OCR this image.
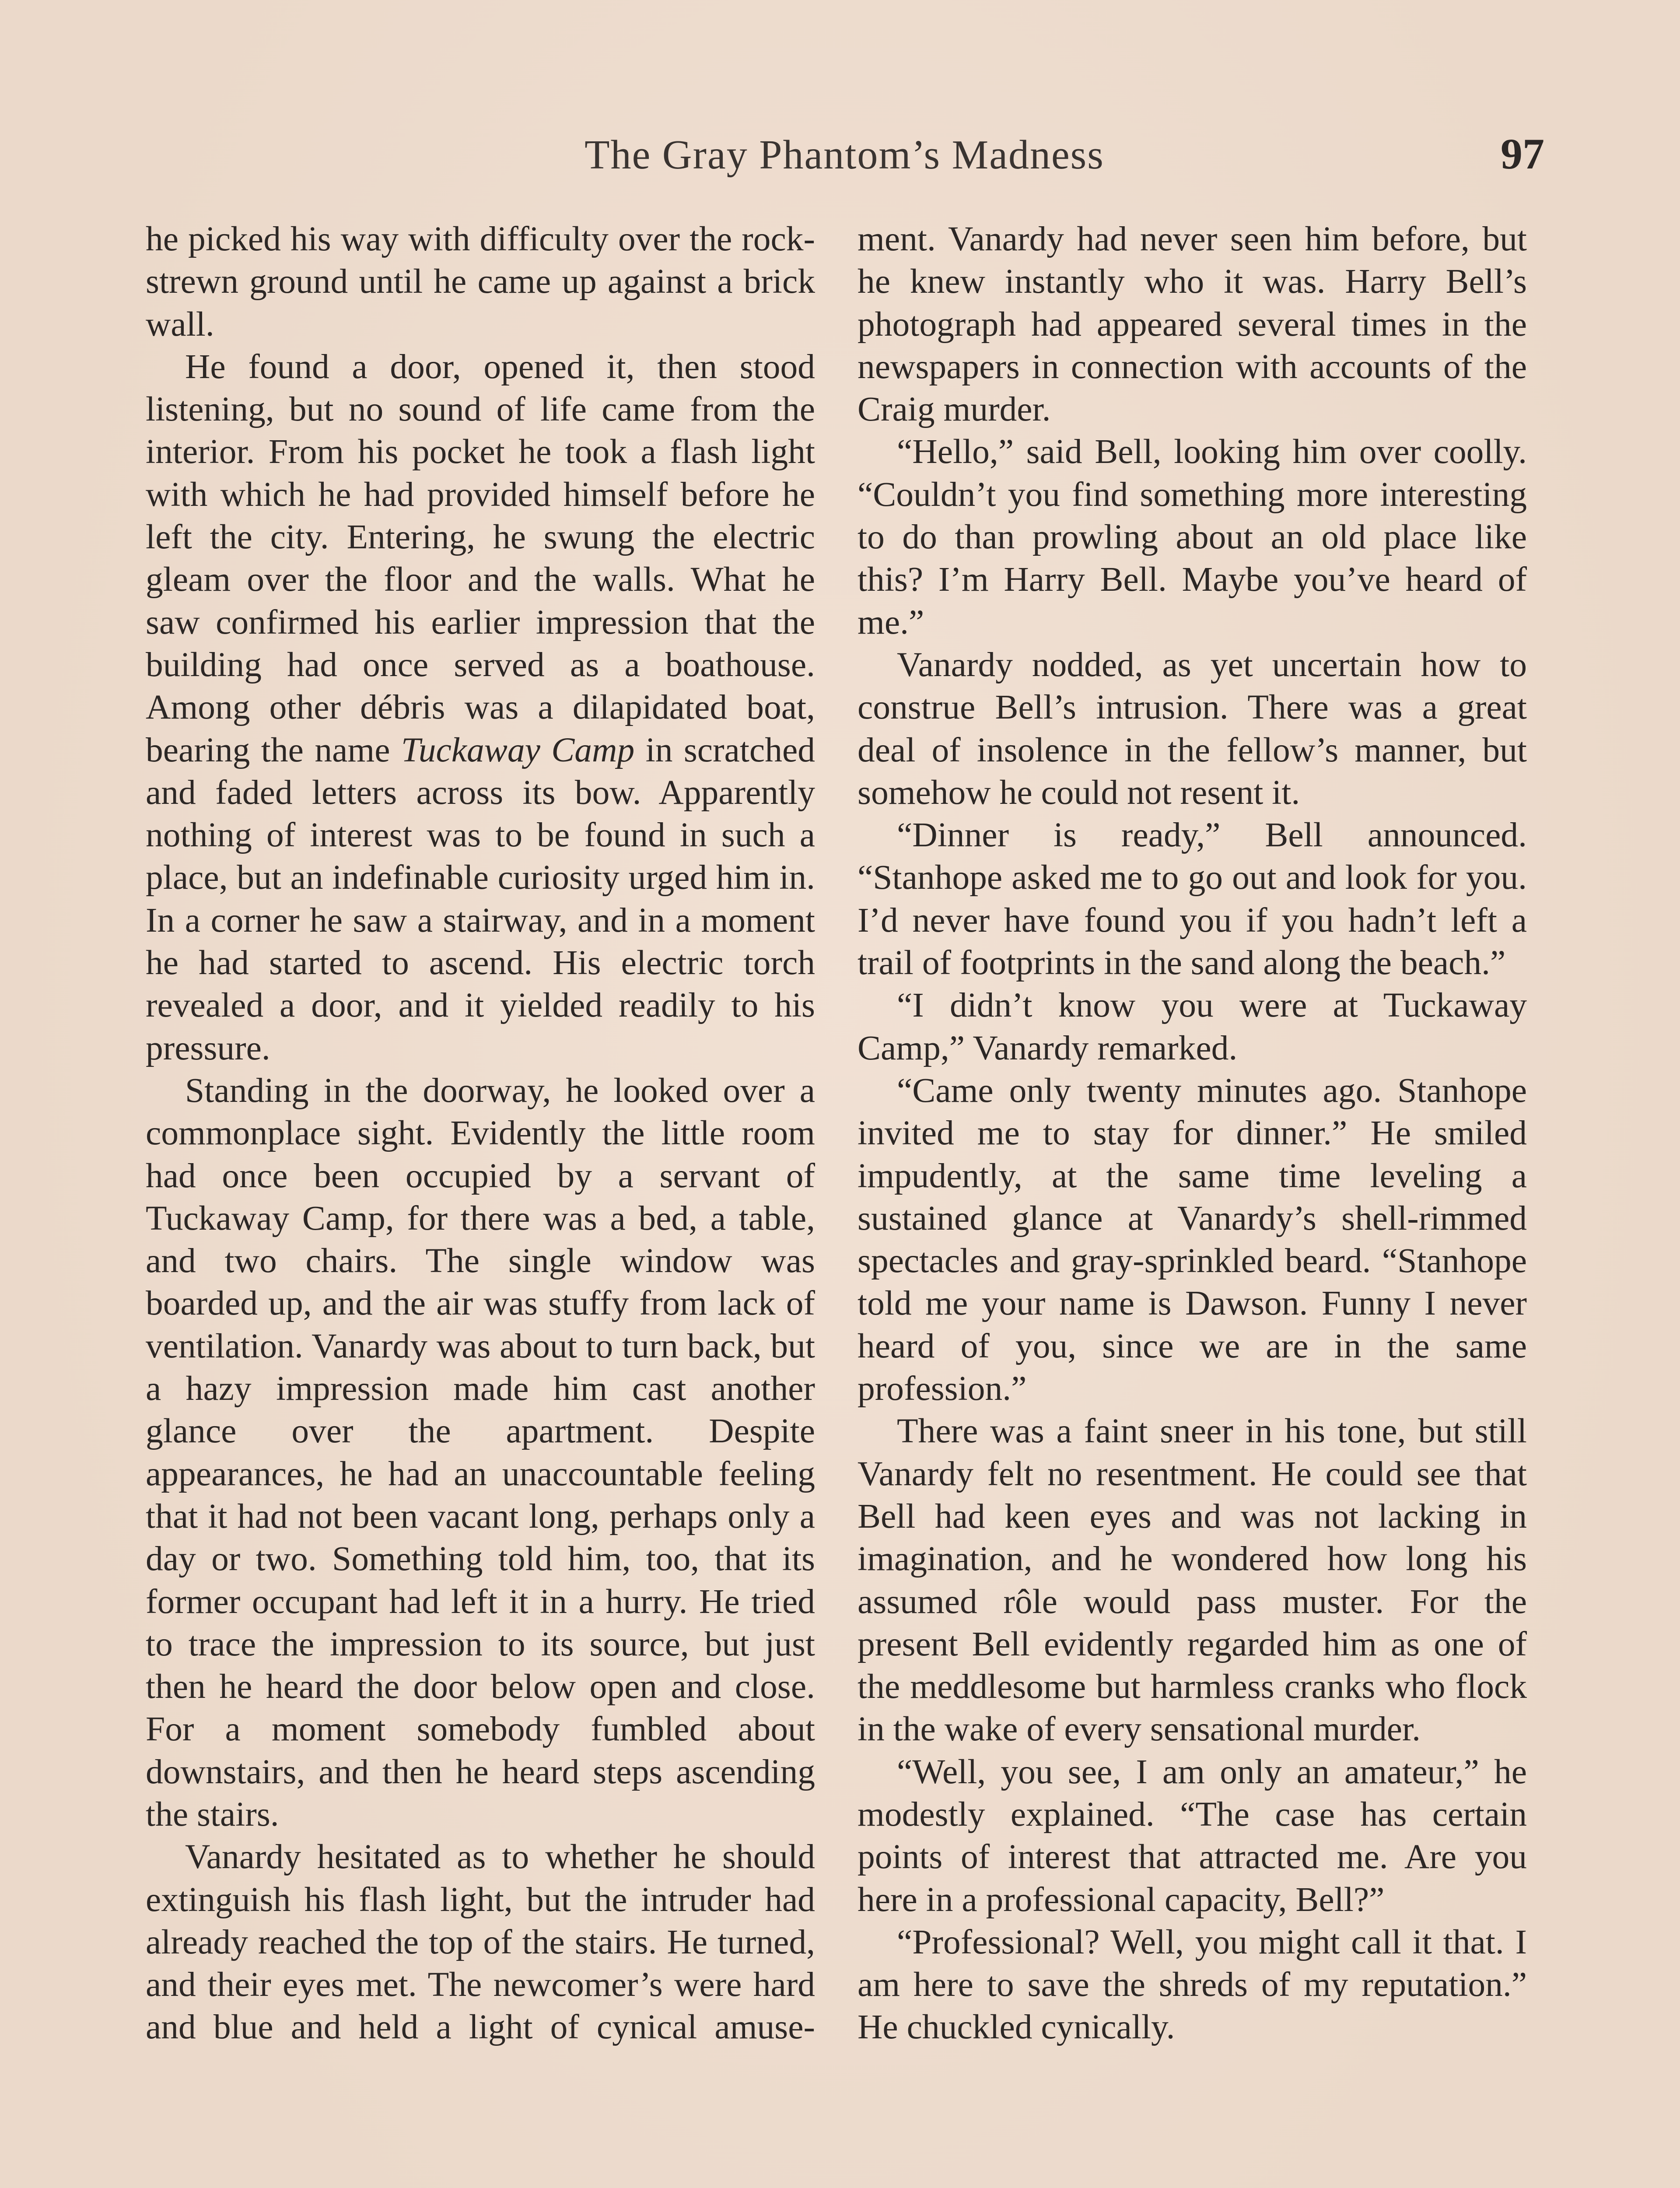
The Gray Phantom’s Madness	97

he picked his way with difficulty over the rock-strewn ground until he came up against a brick wall.

He found a door, opened it, then stood listening, but no sound of life came from the interior. From his pocket he took a flash light with which he had provided himself before he left the city. Entering, he swung the electric gleam over the floor and the walls. What he saw confirmed his earlier impression that the building had once served as a boathouse. Among other débris was a dilapidated boat, bearing the name Tuckaway Camp in scratched and faded letters across its bow. Apparently nothing of interest was to be found in such a place, but an indefinable curiosity urged him in. In a corner he saw a stairway, and in a moment he had started to ascend. His electric torch revealed a door, and it yielded readily to his pressure.

Standing in the doorway, he looked over a commonplace sight. Evidently the little room had once been occupied by a servant of Tuckaway Camp, for there was a bed, a table, and two chairs. The single window was boarded up, and the air was stuffy from lack of ventilation. Vanardy was about to turn back, but a hazy impression made him cast another glance over the apartment. Despite appearances, he had an unaccountable feeling that it had not been vacant long, perhaps only a day or two. Something told him, too, that its former occupant had left it in a hurry. He tried to trace the impression to its source, but just then he heard the door below open and close. For a moment somebody fumbled about downstairs, and then he heard steps ascending the stairs.

Vanardy hesitated as to whether he should extinguish his flash light, but the intruder had already reached the top of the stairs. He turned, and their eyes met. The newcomer’s were hard and blue and held a light of cynical amuse-

ment. Vanardy had never seen him before, but he knew instantly who it was. Harry Bell’s photograph had appeared several times in the newspapers in connection with accounts of the Craig murder.

“Hello,” said Bell, looking him over coolly. “Couldn’t you find something more interesting to do than prowling about an old place like this? I’m Harry Bell. Maybe you’ve heard of me.”

Vanardy nodded, as yet uncertain how to construe Bell’s intrusion. There was a great deal of insolence in the fellow’s manner, but somehow he could not resent it.

“Dinner is ready,” Bell announced. “Stanhope asked me to go out and look for you. I’d never have found you if you hadn’t left a trail of footprints in the sand along the beach.”

“I didn’t know you were at Tuckaway Camp,” Vanardy remarked.

“Came only twenty minutes ago. Stanhope invited me to stay for dinner.” He smiled impudently, at the same time leveling a sustained glance at Vanardy’s shell-rimmed spectacles and gray-sprinkled beard. “Stanhope told me your name is Dawson. Funny I never heard of you, since we are in the same profession.”

There was a faint sneer in his tone, but still Vanardy felt no resentment. He could see that Bell had keen eyes and was not lacking in imagination, and he wondered how long his assumed rôle would pass muster. For the present Bell evidently regarded him as one of the meddlesome but harmless cranks who flock in the wake of every sensational murder.

“Well, you see, I am only an amateur,” he modestly explained. “The case has certain points of interest that attracted me. Are you here in a professional capacity, Bell?”

“Professional? Well, you might call it that. I am here to save the shreds of my reputation.” He chuckled cynically.
